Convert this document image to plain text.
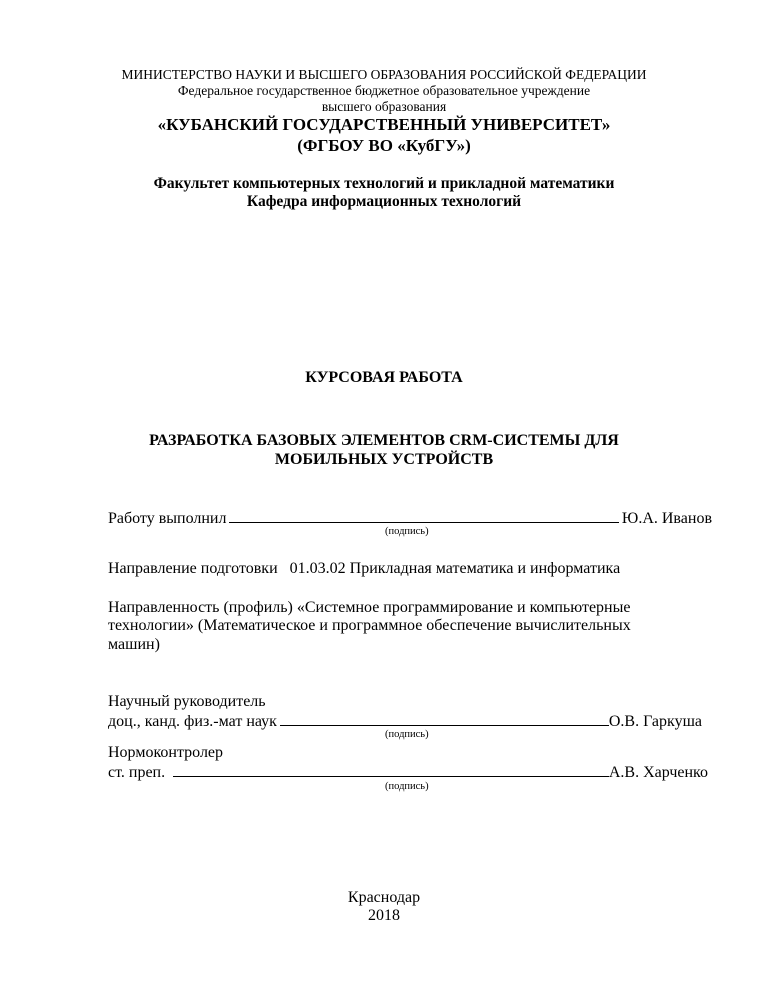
МИНИСТЕРСТВО НАУКИ И ВЫСШЕГО ОБРАЗОВАНИЯ РОССИЙСКОЙ ФЕДЕРАЦИИ
Федеральное государственное бюджетное образовательное учреждение
высшего образования
«КУБАНСКИЙ ГОСУДАРСТВЕННЫЙ УНИВЕРСИТЕТ»
(ФГБОУ ВО «КубГУ»)
Факультет компьютерных технологий и прикладной математики
Кафедра информационных технологий
КУРСОВАЯ РАБОТА
РАЗРАБОТКА БАЗОВЫХ ЭЛЕМЕНТОВ CRM-СИСТЕМЫ ДЛЯ
МОБИЛЬНЫХ УСТРОЙСТВ
Работу выполнил	Ю.А. Иванов
(подпись)
Направление подготовки   01.03.02 Прикладная математика и информатика
Направленность (профиль) «Системное программирование и компьютерные
технологии» (Математическое и программное обеспечение вычислительных
машин)
Научный руководитель
доц., канд. физ.-мат наук	О.В. Гаркуша
(подпись)
Нормоконтролер
ст. преп.	А.В. Харченко
(подпись)
Краснодар
2018
